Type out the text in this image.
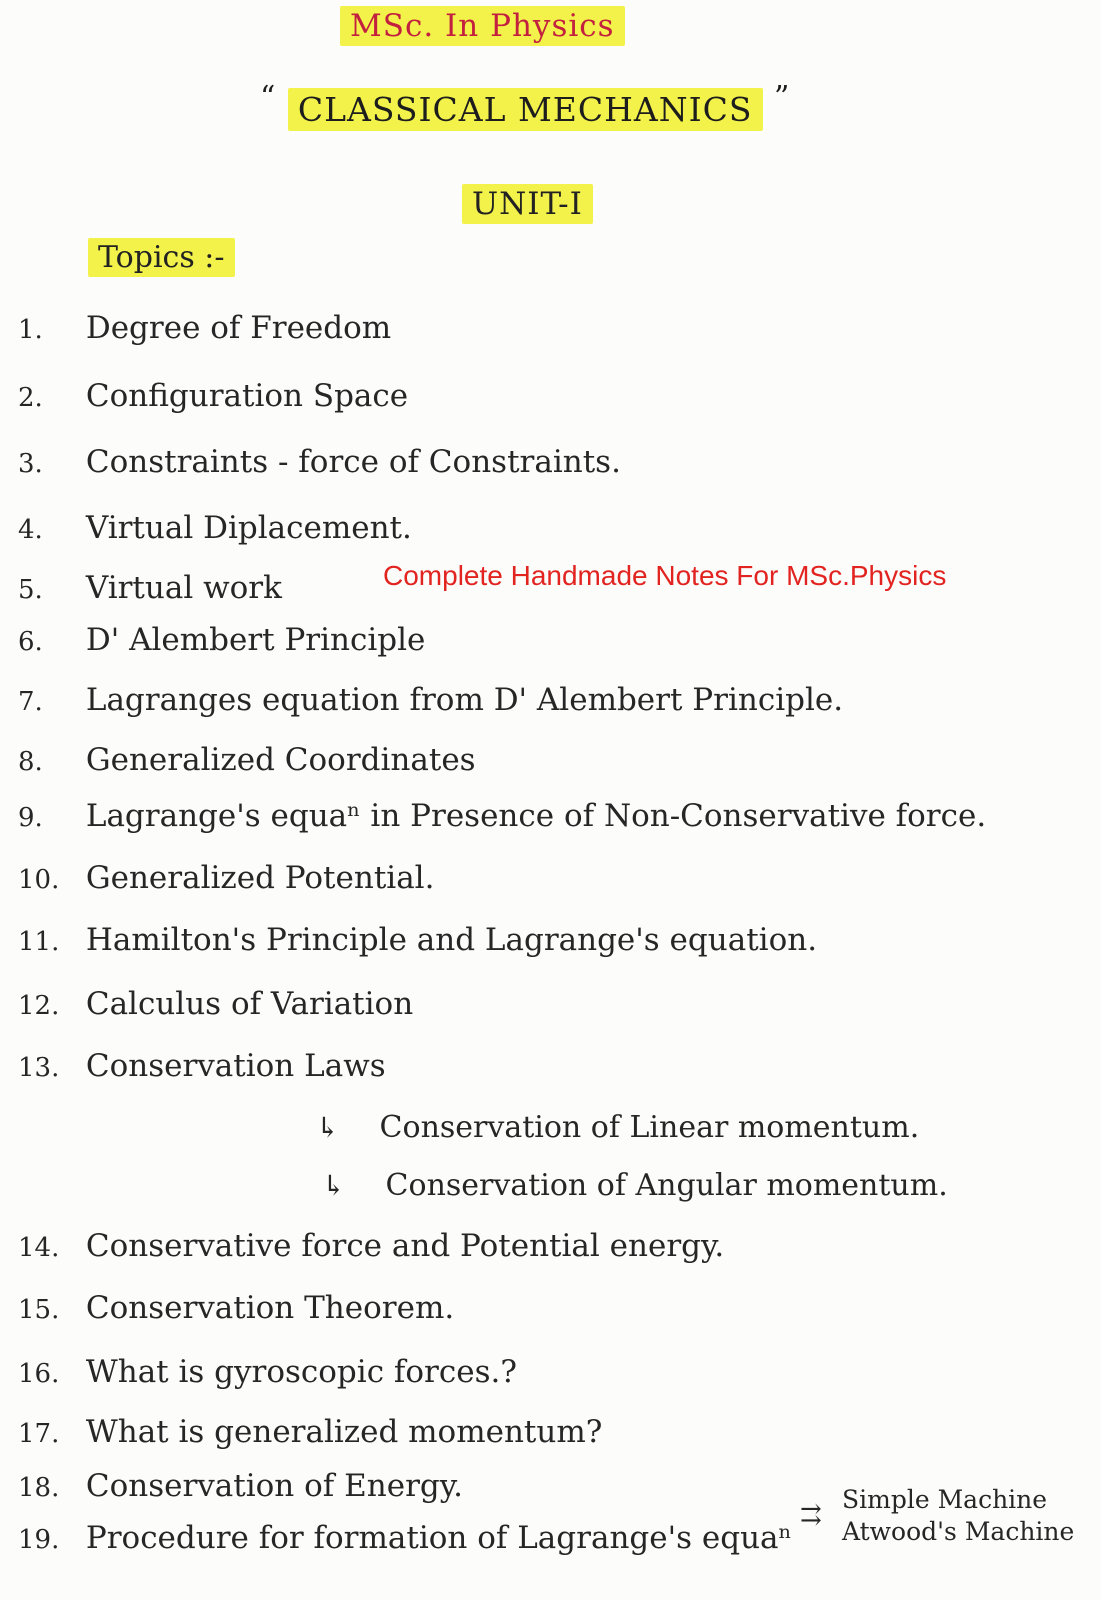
MSc. In Physics
“ CLASSICAL MECHANICS ”
UNIT-I
Topics :-
1. Degree of Freedom
2. Configuration Space
3. Constraints - force of Constraints.
4. Virtual Diplacement.
5. Virtual work
6. D' Alembert Principle
7. Lagranges equation from D' Alembert Principle.
8. Generalized Coordinates
9. Lagrange's equaⁿ in Presence of Non-Conservative force.
10. Generalized Potential.
11. Hamilton's Principle and Lagrange's equation.
12. Calculus of Variation
13. Conservation Laws
↳ Conservation of Linear momentum.
↳ Conservation of Angular momentum.
14. Conservative force and Potential energy.
15. Conservation Theorem.
16. What is gyroscopic forces.?
17. What is generalized momentum?
18. Conservation of Energy.
19. Procedure for formation of Lagrange's equaⁿ
⇉
Simple Machine
Atwood's Machine
Complete Handmade Notes For MSc.Physics
